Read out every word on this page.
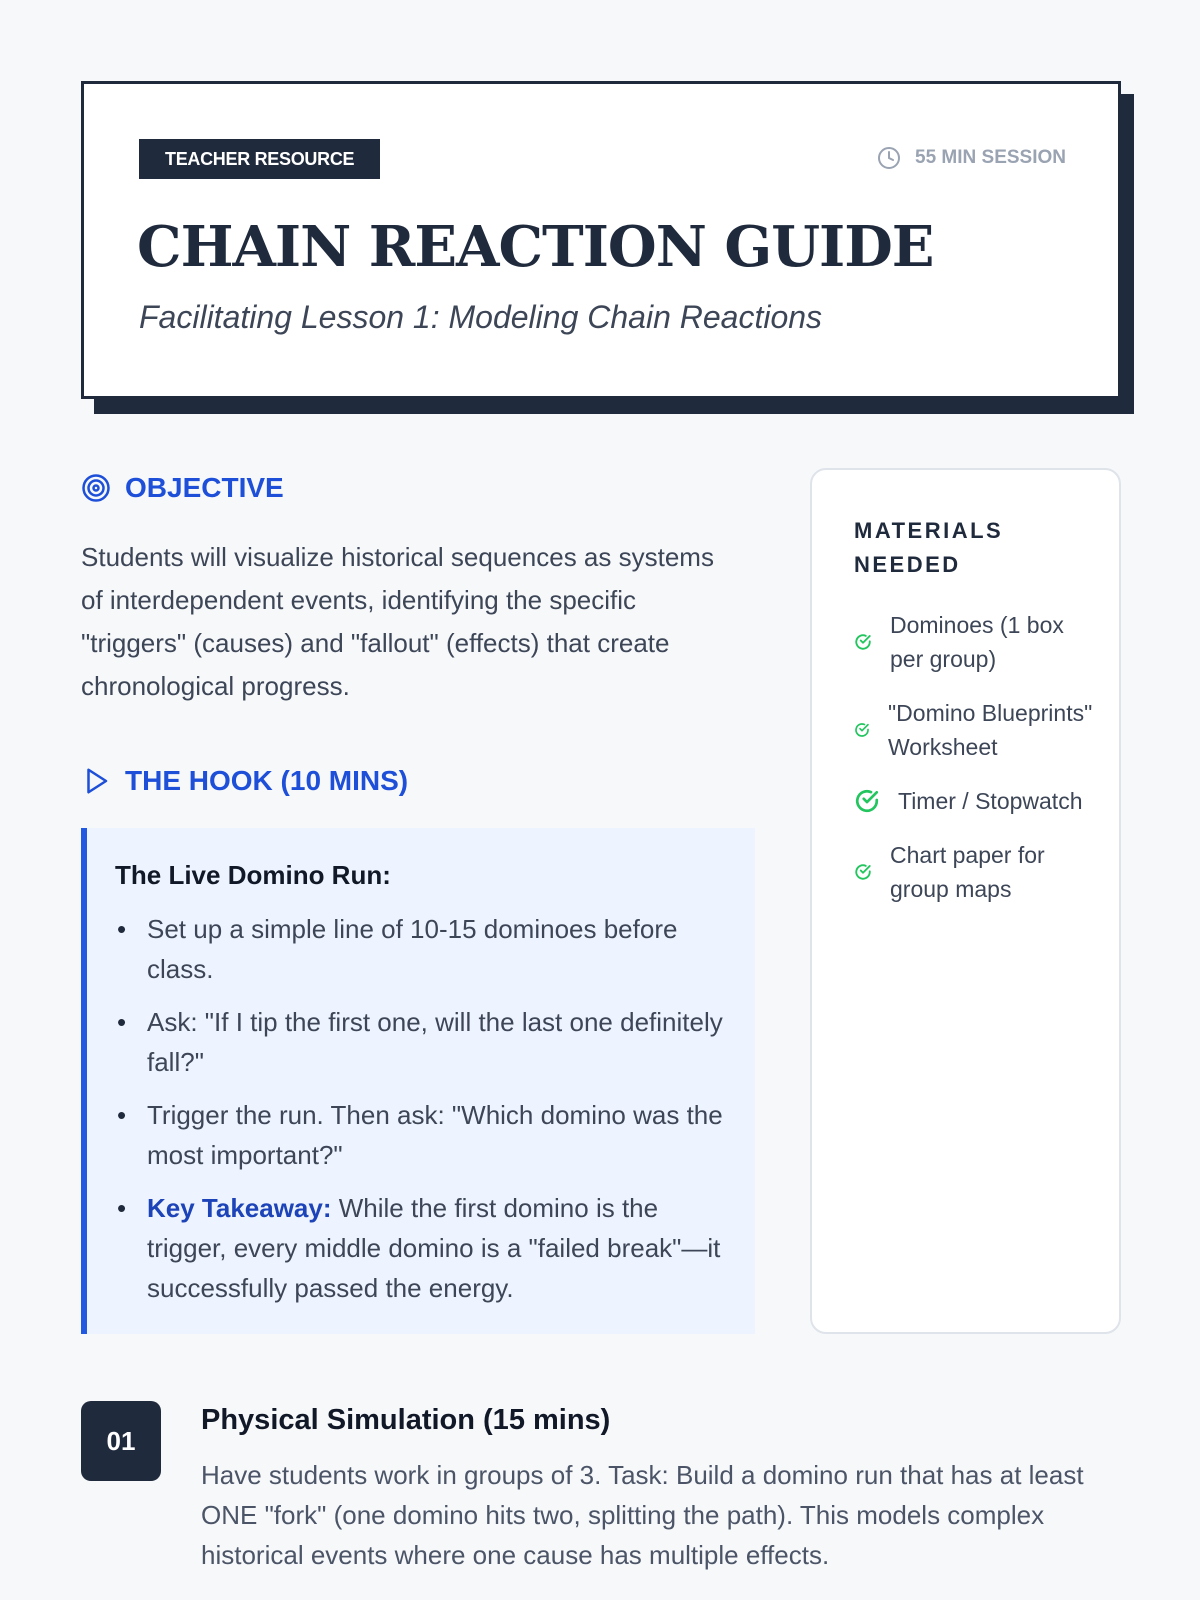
TEACHER RESOURCE	55 MIN SESSION
CHAIN REACTION GUIDE
Facilitating Lesson 1: Modeling Chain Reactions
OBJECTIVE

Students will visualize historical sequences as systems of interdependent events, identifying the specific "triggers" (causes) and "fallout" (effects) that create chronological progress.

THE HOOK (10 MINS)
The Live Domino Run:
• Set up a simple line of 10-15 dominoes before class.
• Ask: "If I tip the first one, will the last one definitely fall?"
• Trigger the run. Then ask: "Which domino was the most important?"
• Key Takeaway: While the first domino is the trigger, every middle domino is a "failed break"—it successfully passed the energy.
MATERIALS NEEDED
Dominoes (1 box per group)
"Domino Blueprints" Worksheet
Timer / Stopwatch
Chart paper for group maps
01
Physical Simulation (15 mins)

Have students work in groups of 3. Task: Build a domino run that has at least ONE "fork" (one domino hits two, splitting the path). This models complex historical events where one cause has multiple effects.
